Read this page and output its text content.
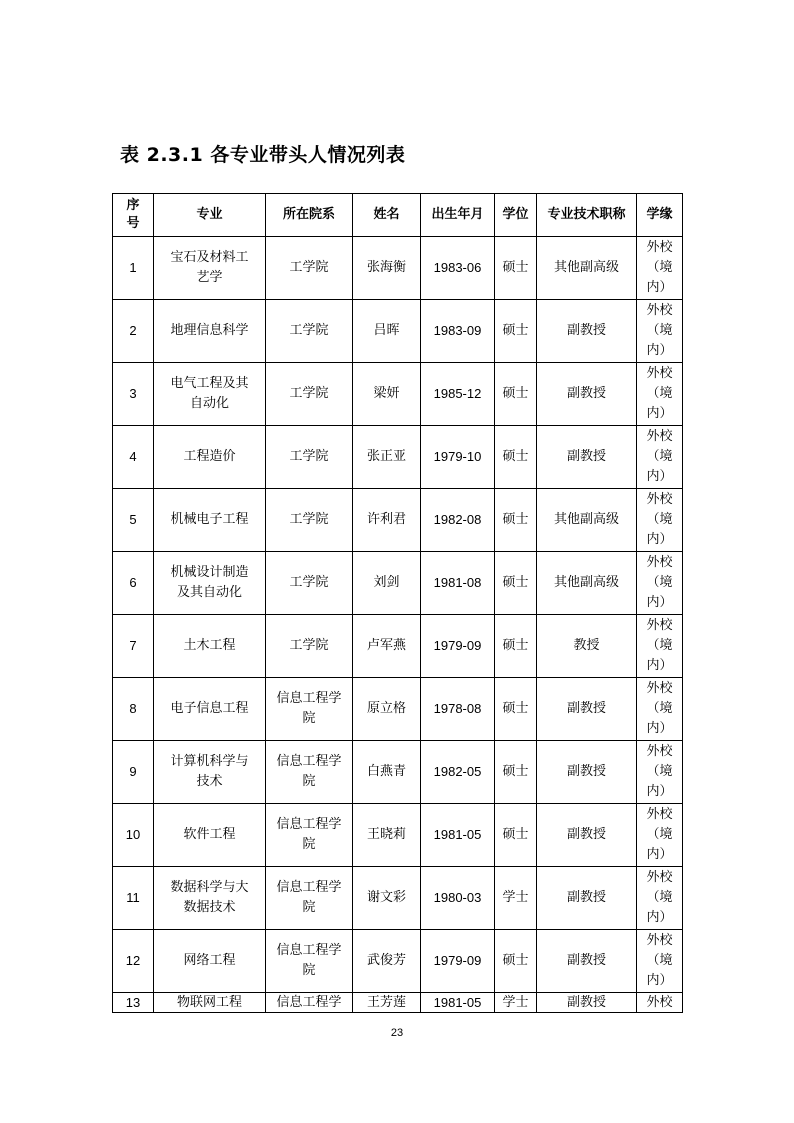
表 2.3.1 各专业带头人情况列表
序号	专业	所在院系	姓名	出生年月	学位	专业技术职称	学缘
1	宝石及材料工艺学	工学院	张海衡	1983-06	硕士	其他副高级	外校（境内）
2	地理信息科学	工学院	吕晖	1983-09	硕士	副教授	外校（境内）
3	电气工程及其自动化	工学院	梁妍	1985-12	硕士	副教授	外校（境内）
4	工程造价	工学院	张正亚	1979-10	硕士	副教授	外校（境内）
5	机械电子工程	工学院	许利君	1982-08	硕士	其他副高级	外校（境内）
6	机械设计制造及其自动化	工学院	刘剑	1981-08	硕士	其他副高级	外校（境内）
7	土木工程	工学院	卢军燕	1979-09	硕士	教授	外校（境内）
8	电子信息工程	信息工程学院	原立格	1978-08	硕士	副教授	外校（境内）
9	计算机科学与技术	信息工程学院	白燕青	1982-05	硕士	副教授	外校（境内）
10	软件工程	信息工程学院	王晓莉	1981-05	硕士	副教授	外校（境内）
11	数据科学与大数据技术	信息工程学院	谢文彩	1980-03	学士	副教授	外校（境内）
12	网络工程	信息工程学院	武俊芳	1979-09	硕士	副教授	外校（境内）
13	物联网工程	信息工程学	王芳莲	1981-05	学士	副教授	外校
23
